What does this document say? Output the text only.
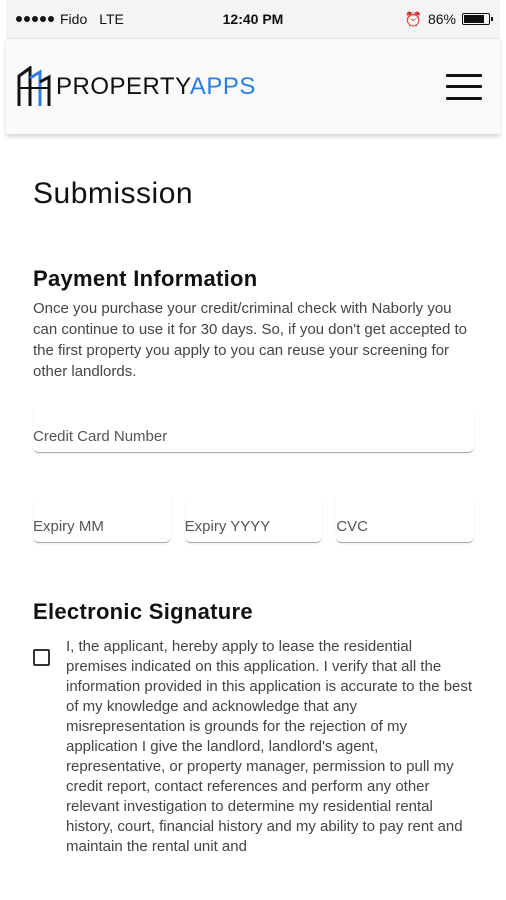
Fido LTE	12:40 PM	⏰ 86%
PROPERTYAPPS
Submission
Payment Information
Once you purchase your credit/criminal check with Naborly you can continue to use it for 30 days. So, if you don't get accepted to the first property you apply to you can reuse your screening for other landlords.
Credit Card Number
Expiry MM
Expiry YYYY
CVC
Electronic Signature
I, the applicant, hereby apply to lease the residential premises indicated on this application. I verify that all the information provided in this application is accurate to the best of my knowledge and acknowledge that any misrepresentation is grounds for the rejection of my application I give the landlord, landlord's agent, representative, or property manager, permission to pull my credit report, contact references and perform any other relevant investigation to determine my residential rental history, court, financial history and my ability to pay rent and maintain the rental unit and
